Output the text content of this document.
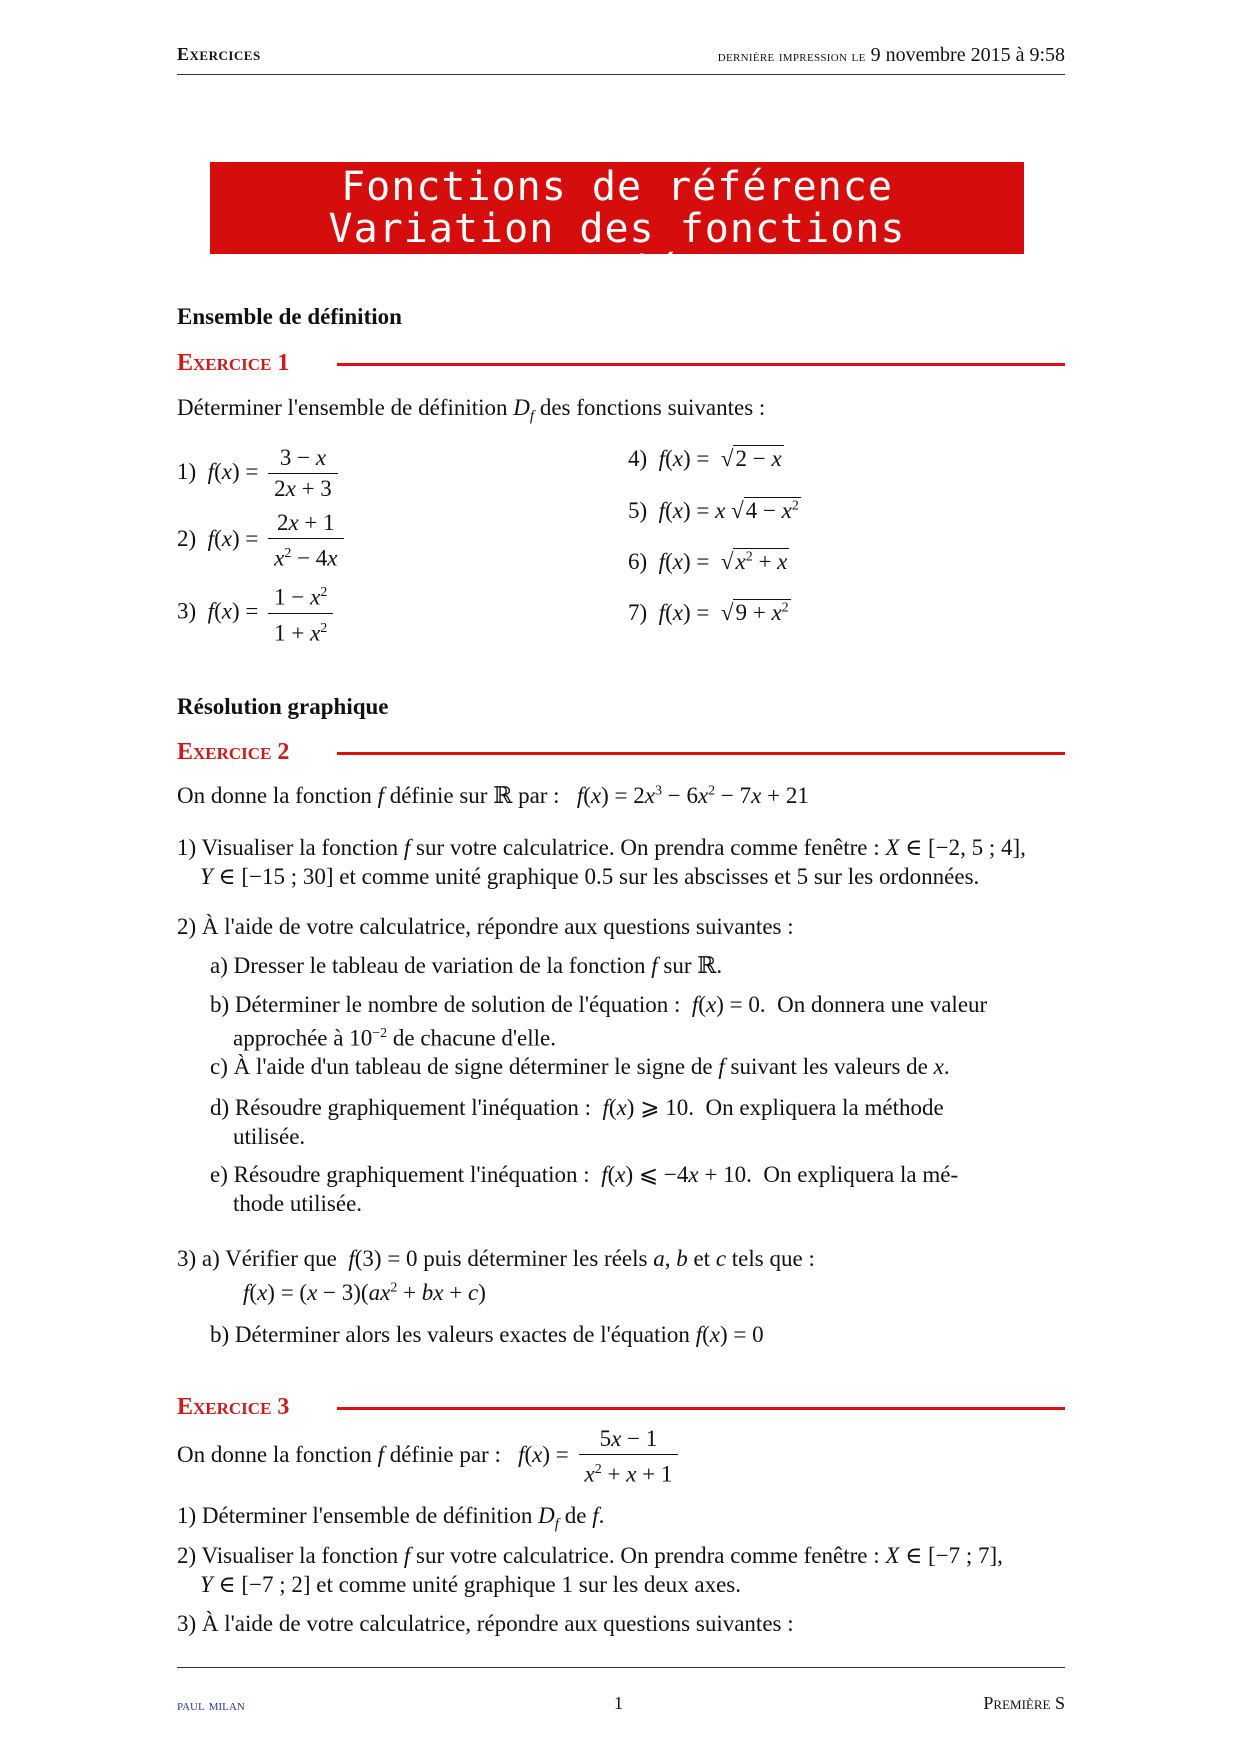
Exercices	dernière impression le 9 novembre 2015 à 9:58
Fonctions de référence
Variation des fonctions associées
Ensemble de définition
Exercice 1
Déterminer l'ensemble de définition $D_f$ des fonctions suivantes :
1) $f(x) = \frac{3 - x}{2x + 3}$
2) $f(x) = \frac{2x + 1}{x^2 - 4x}$
3) $f(x) = \frac{1 - x^2}{1 + x^2}$
4) f(x) =  √2 − x
5) f(x) = x $√4 - x^2$
6) $f(x) = √x^2 + x$
7) $f(x) = √9 + x^2$
Résolution graphique
Exercice 2
On donne la fonction f définie sur ℝ par : $f(x) = 2x^3 - 6x^2 - 7x + 21$
1) Visualiser la fonction f sur votre calculatrice. On prendra comme fenêtre : X ∈ [−2, 5 ; 4],
Y ∈ [−15 ; 30] et comme unité graphique 0.5 sur les abscisses et 5 sur les ordonnées.
2) À l'aide de votre calculatrice, répondre aux questions suivantes :
a) Dresser le tableau de variation de la fonction f sur ℝ.
b) Déterminer le nombre de solution de l'équation : f(x) = 0.  On donnera une valeur
approchée à $10^{-2}$ de chacune d'elle.
c) À l'aide d'un tableau de signe déterminer le signe de f suivant les valeurs de x.
d) Résoudre graphiquement l'inéquation : f(x) ⩾ 10.  On expliquera la méthode
utilisée.
e) Résoudre graphiquement l'inéquation : f(x) ⩽ −4x + 10.  On expliquera la mé-
thode utilisée.
3) a) Vérifier que f(3) = 0 puis déterminer les réels a, b et c tels que :
$f(x) = (x - 3)(ax^2$ + bx + c)
b) Déterminer alors les valeurs exactes de l'équation f(x) = 0
Exercice 3
On donne la fonction f définie par : $f(x) = \frac{5x - 1}{x^2 + x + 1}$
1) Déterminer l'ensemble de définition $D_f$ de f.
2) Visualiser la fonction f sur votre calculatrice. On prendra comme fenêtre : X ∈ [−7 ; 7],
Y ∈ [−7 ; 2] et comme unité graphique 1 sur les deux axes.
3) À l'aide de votre calculatrice, répondre aux questions suivantes :
paul milan	1	Première S
